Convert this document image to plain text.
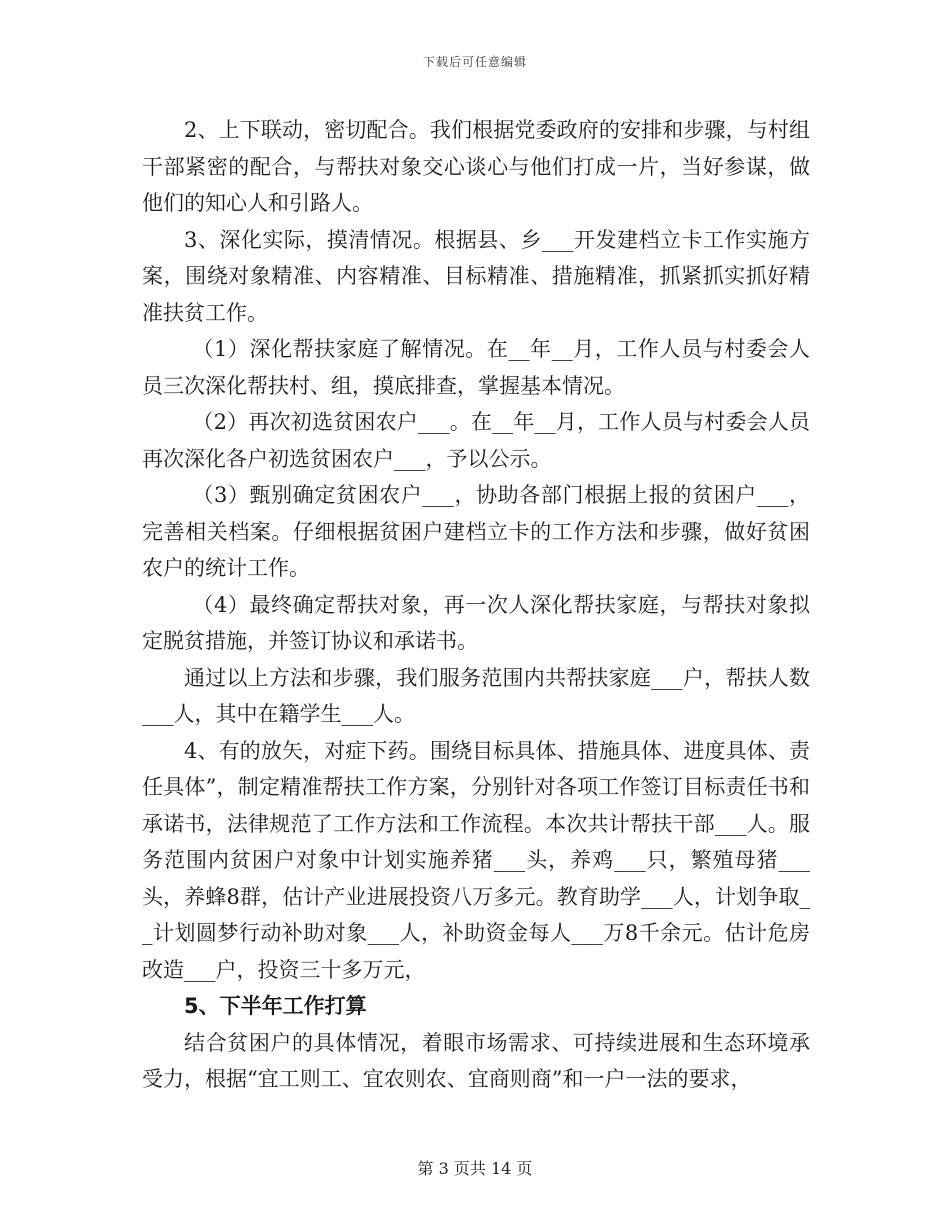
下载后可任意编辑

2、上下联动，密切配合。我们根据党委政府的安排和步骤，与村组干部紧密的配合，与帮扶对象交心谈心与他们打成一片，当好参谋，做他们的知心人和引路人。

3、深化实际，摸清情况。根据县、乡___开发建档立卡工作实施方案，围绕对象精准、内容精准、目标精准、措施精准，抓紧抓实抓好精准扶贫工作。

（1）深化帮扶家庭了解情况。在__年__月，工作人员与村委会人员三次深化帮扶村、组，摸底排查，掌握基本情况。

（2）再次初选贫困农户___。在__年__月，工作人员与村委会人员再次深化各户初选贫困农户___，予以公示。

（3）甄别确定贫困农户___，协助各部门根据上报的贫困户___，完善相关档案。仔细根据贫困户建档立卡的工作方法和步骤，做好贫困农户的统计工作。

（4）最终确定帮扶对象，再一次人深化帮扶家庭，与帮扶对象拟定脱贫措施，并签订协议和承诺书。

通过以上方法和步骤，我们服务范围内共帮扶家庭___户，帮扶人数___人，其中在籍学生___人。

4、有的放矢，对症下药。围绕目标具体、措施具体、进度具体、责任具体”，制定精准帮扶工作方案，分别针对各项工作签订目标责任书和承诺书，法律规范了工作方法和工作流程。本次共计帮扶干部___人。服务范围内贫困户对象中计划实施养猪___头，养鸡___只，繁殖母猪___头，养蜂8群，估计产业进展投资八万多元。教育助学___人，计划争取__计划圆梦行动补助对象___人，补助资金每人___万8千余元。估计危房改造___户，投资三十多万元，

5、下半年工作打算

结合贫困户的具体情况，着眼市场需求、可持续进展和生态环境承受力，根据“宜工则工、宜农则农、宜商则商”和一户一法的要求，

第 3 页共 14 页
